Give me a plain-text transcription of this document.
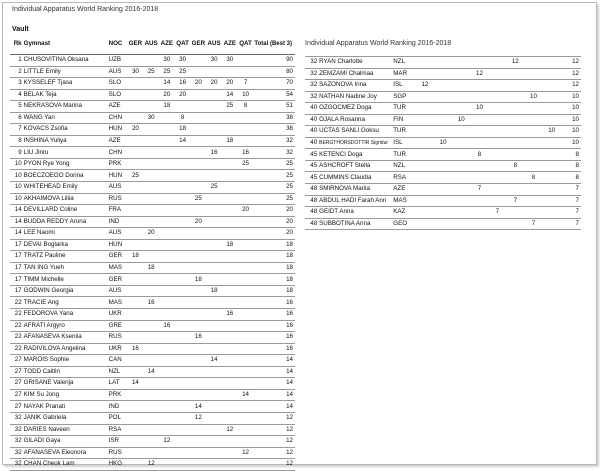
Individual Apparatus World Ranking 2016-2018
Vault
Rk	Gymnast	NOC	GER	AUS	AZE	QAT	GER	AUS	AZE	QAT	Total (Best 3)
1	CHUSOVITINA Oksana	UZB			30	30		30	30		90
2	LITTLE Emily	AUS	30	25	25	25					80
3	KYSSELEF Tjasa	SLO			14	16	20	20	20	7	70
4	BELAK Teja	SLO			20	20			14	10	54
5	NEKRASOVA Marina	AZE			18				25	8	51
6	WANG Yan	CHN		30		8					38
7	KOVACS Zsofia	HUN	20			18					38
8	INSHINA Yuliya	AZE				14			18		32
9	LIU Jinru	CHN						16		16	32
10	PYON Rye Yong	PRK								25	25
10	BOECZOEGO Dorina	HUN	25								25
10	WHITEHEAD Emily	AUS						25			25
10	AKHAIMOVA Liliia	RUS					25				25
14	DEVILLARD Coline	FRA								20	20
14	BUDDA REDDY Aruna	IND					20				20
14	LEE Naomi	AUS		20							20
17	DEVAI Boglarka	HUN							18		18
17	TRATZ Pauline	GER	18								18
17	TAN ING Yueh	MAS		18							18
17	TIMM Michelle	GER					18				18
17	GODWIN Georgia	AUS						18			18
22	TRACIE Ang	MAS		16							16
22	FEDOROVA Yana	UKR							16		16
22	AFRATI Argyro	GRE			16						16
22	AFANASEVA Kseniia	RUS					16				16
22	RADIVILOVA Angelina	UKR	16								16
27	MAROIS Sophie	CAN						14			14
27	TODD Caitlin	NZL		14							14
27	GRISANE Valerija	LAT	14								14
27	KIM Su Jong	PRK								14	14
27	NAYAK Pranati	IND					14				14
32	JANIK Gabriela	POL					12				12
32	DARIES Naveen	RSA							12		12
32	GILADI Gaya	ISR			12						12
32	AFANASEVA Eleonora	RUS								12	12
32	CHAN Cheuk Lam	HKG		12							12
Individual Apparatus World Ranking 2016-2018
32	RYAN Charlotte	NZL						12			12
32	ZEMZAMI Chalmaa	MAR				12					12
32	SAZONOVA Irina	ISL	12								12
32	NATHAN Nadine Joy	SGP							10		10
40	OZGOCMEZ Doga	TUR				10					10
40	OJALA Rosanna	FIN			10						10
40	UCTAS SANLI Goksu	TUR								10	10
40	BERGTHORSDOTTIR Sigridur	ISL		10							10
45	KETENCI Doga	TUR				8					8
45	ASHCROFT Stella	NZL						8			8
45	CUMMINS Claudia	RSA							8		8
48	SMIRNOVA Mariia	AZE				7					7
48	ABDUL HADI Farah Ann	MAS						7			7
48	GEIDT Anna	KAZ					7				7
48	SUBBOTINA Anna	GEO							7		7
